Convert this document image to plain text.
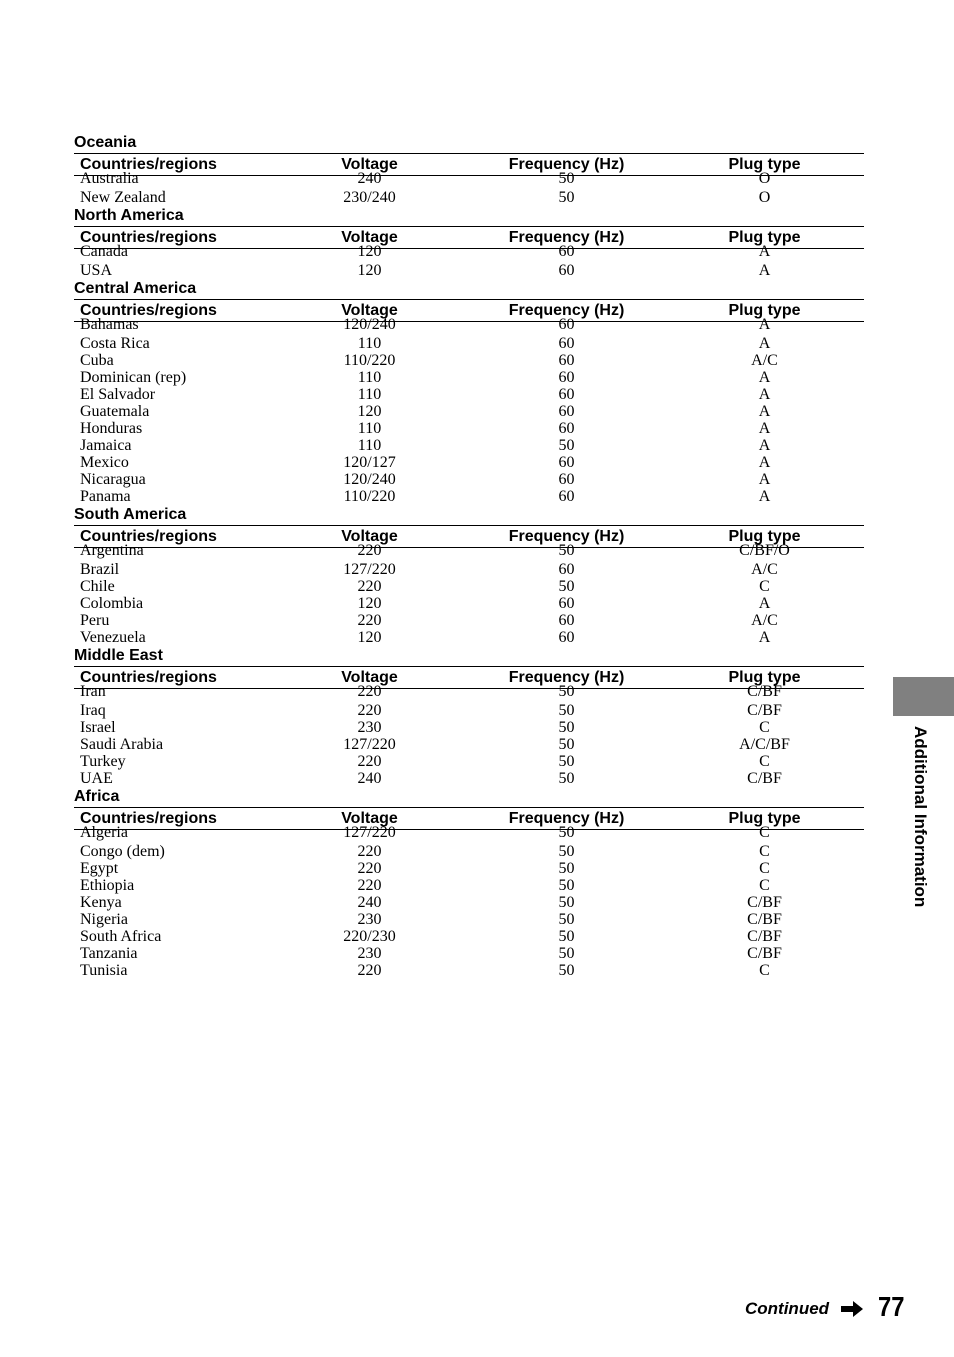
Oceania
Countries/regions	Voltage	Frequency (Hz)	Plug type
Australia	240	50	O
New Zealand	230/240	50	O
North America
Countries/regions	Voltage	Frequency (Hz)	Plug type
Canada	120	60	A
USA	120	60	A
Central America
Countries/regions	Voltage	Frequency (Hz)	Plug type
Bahamas	120/240	60	A
Costa Rica	110	60	A
Cuba	110/220	60	A/C
Dominican (rep)	110	60	A
El Salvador	110	60	A
Guatemala	120	60	A
Honduras	110	60	A
Jamaica	110	50	A
Mexico	120/127	60	A
Nicaragua	120/240	60	A
Panama	110/220	60	A
South America
Countries/regions	Voltage	Frequency (Hz)	Plug type
Argentina	220	50	C/BF/O
Brazil	127/220	60	A/C
Chile	220	50	C
Colombia	120	60	A
Peru	220	60	A/C
Venezuela	120	60	A
Middle East
Countries/regions	Voltage	Frequency (Hz)	Plug type
Iran	220	50	C/BF
Iraq	220	50	C/BF
Israel	230	50	C
Saudi Arabia	127/220	50	A/C/BF
Turkey	220	50	C
UAE	240	50	C/BF
Africa
Countries/regions	Voltage	Frequency (Hz)	Plug type
Algeria	127/220	50	C
Congo (dem)	220	50	C
Egypt	220	50	C
Ethiopia	220	50	C
Kenya	240	50	C/BF
Nigeria	230	50	C/BF
South Africa	220/230	50	C/BF
Tanzania	230	50	C/BF
Tunisia	220	50	C
Additional Information
Continued 77
